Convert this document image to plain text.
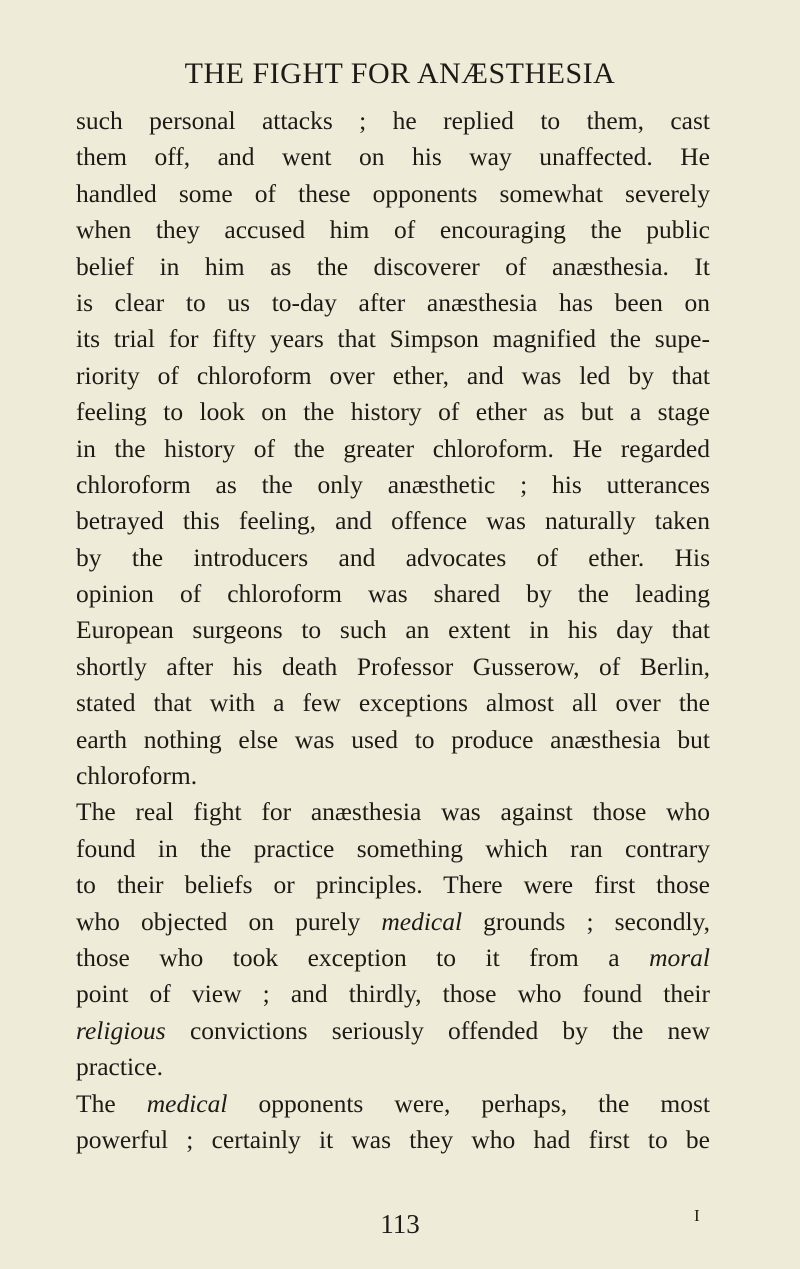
THE FIGHT FOR ANÆSTHESIA
such personal attacks ; he replied to them, cast
them off, and went on his way unaffected. He
handled some of these opponents somewhat severely
when they accused him of encouraging the public
belief in him as the discoverer of anæsthesia. It
is clear to us to-day after anæsthesia has been on
its trial for fifty years that Simpson magnified the supe-
riority of chloroform over ether, and was led by that
feeling to look on the history of ether as but a stage
in the history of the greater chloroform. He regarded
chloroform as the only anæsthetic ; his utterances
betrayed this feeling, and offence was naturally taken
by the introducers and advocates of ether. His
opinion of chloroform was shared by the leading
European surgeons to such an extent in his day that
shortly after his death Professor Gusserow, of Berlin,
stated that with a few exceptions almost all over the
earth nothing else was used to produce anæsthesia but
chloroform.
The real fight for anæsthesia was against those who
found in the practice something which ran contrary
to their beliefs or principles. There were first those
who objected on purely medical grounds ; secondly,
those who took exception to it from a moral
point of view ; and thirdly, those who found their
religious convictions seriously offended by the new
practice.
The medical opponents were, perhaps, the most
powerful ; certainly it was they who had first to be
113	I
